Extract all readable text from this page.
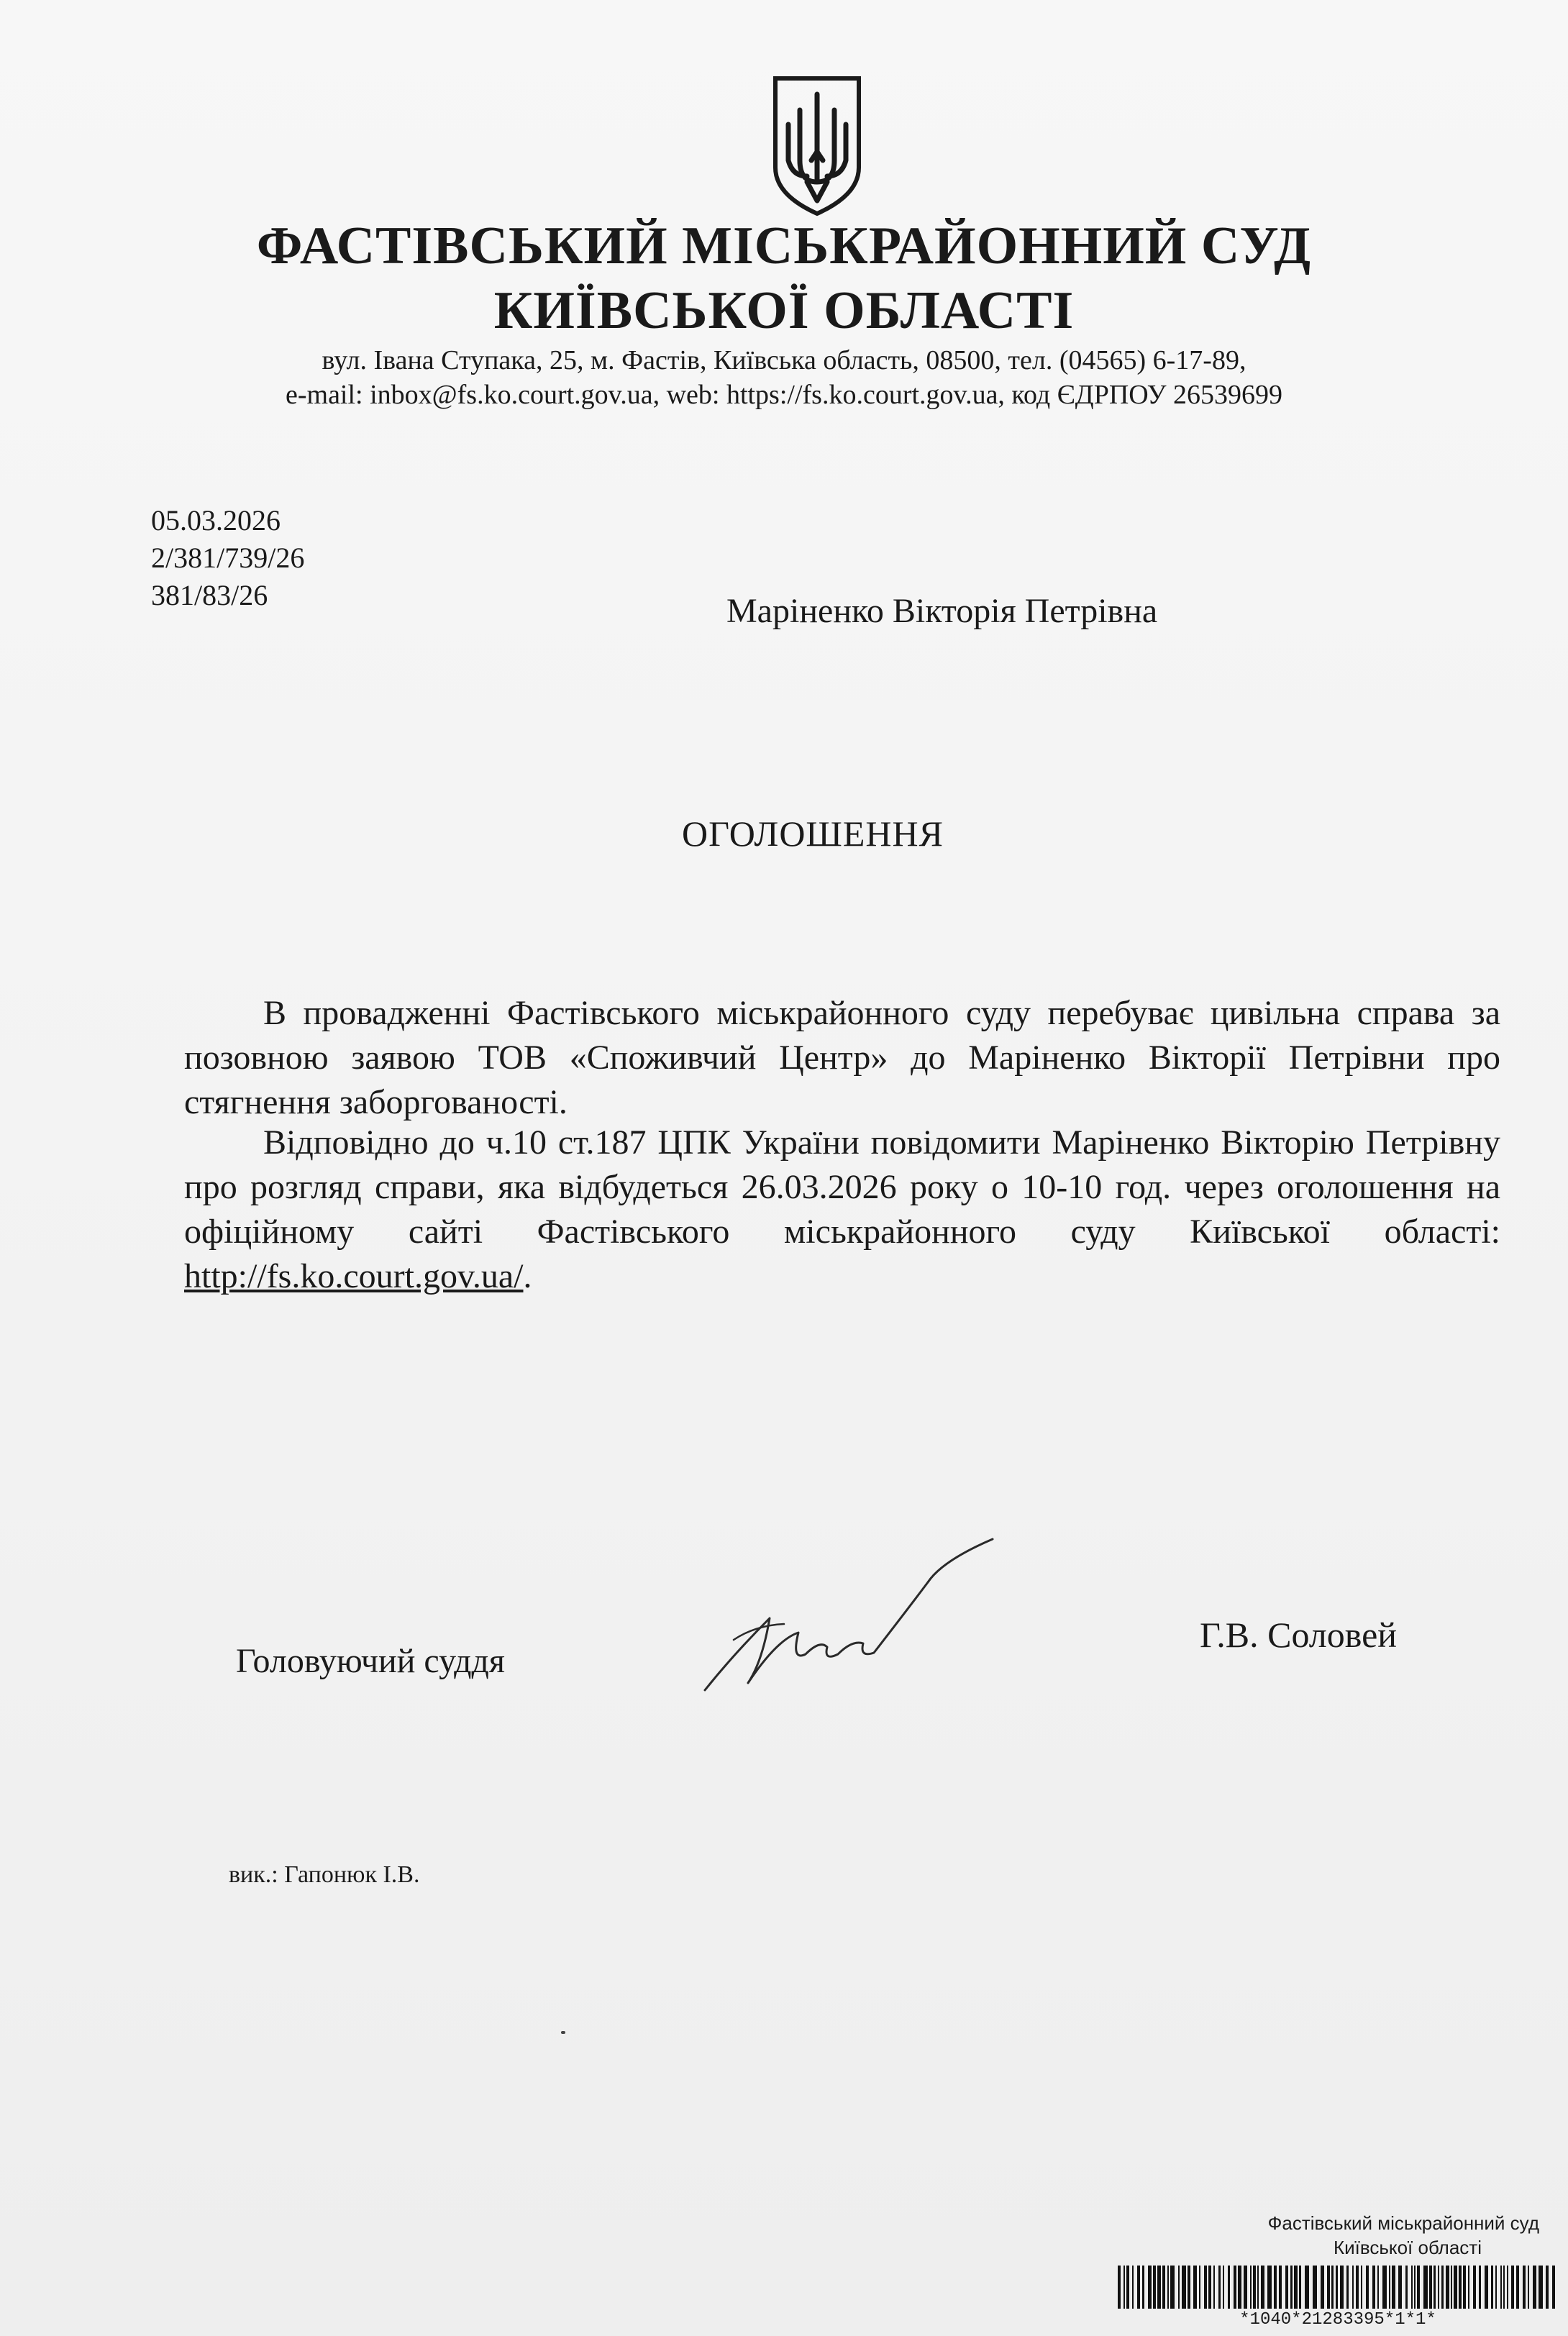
ФАСТІВСЬКИЙ МІСЬКРАЙОННИЙ СУД
КИЇВСЬКОЇ ОБЛАСТІ
вул. Івана Ступака, 25, м. Фастів, Київська область, 08500, тел. (04565) 6-17-89,
e-mail: inbox@fs.ko.court.gov.ua, web: https://fs.ko.court.gov.ua, код ЄДРПОУ 26539699
05.03.2026
2/381/739/26
381/83/26	Маріненко Вікторія Петрівна
ОГОЛОШЕННЯ
В провадженні Фастівського міськрайонного суду перебуває цивільна справа за позовною заявою ТОВ «Споживчий Центр» до Маріненко Вікторії Петрівни про стягнення заборгованості.
Відповідно до ч.10 ст.187 ЦПК України повідомити Маріненко Вікторію Петрівну про розгляд справи, яка відбудеться 26.03.2026 року о 10-10 год. через оголошення на офіційному сайті Фастівського міськрайонного суду Київської області: http://fs.ko.court.gov.ua/.
Головуючий суддя
Г.В. Соловей
вик.: Гапонюк І.В.
Фастівський міськрайонний суд
Київської області
*1040*21283395*1*1*
